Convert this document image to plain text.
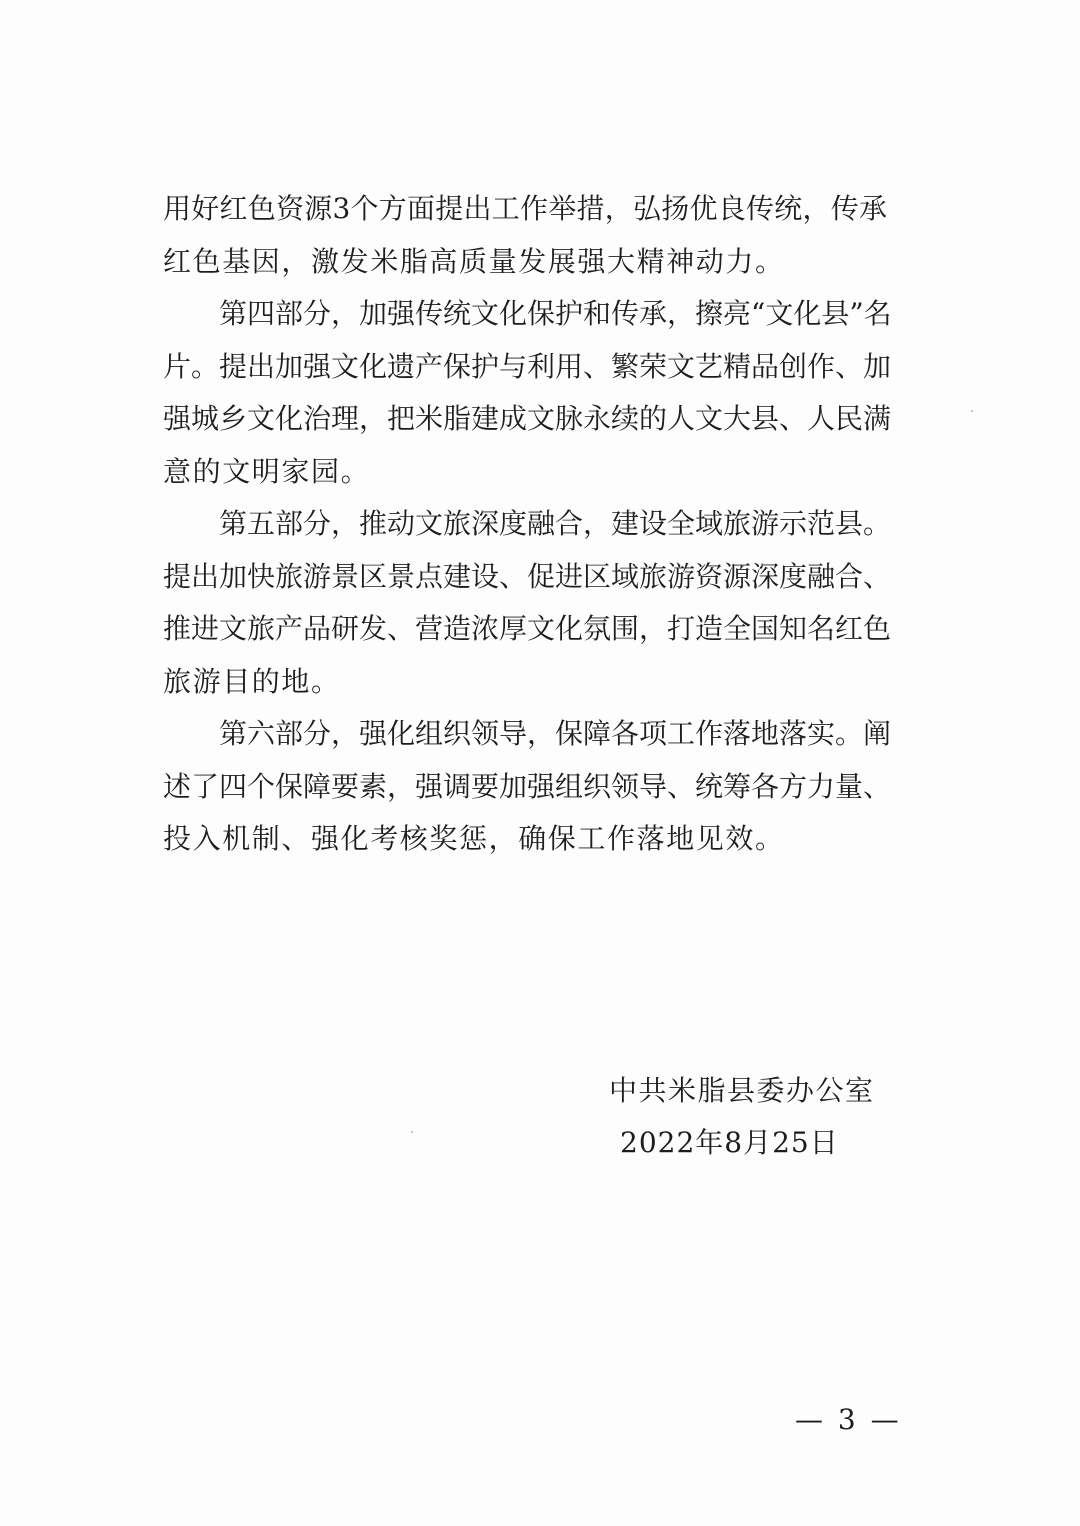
用好红色资源3个方面提出工作举措，弘扬优良传统，传承
红色基因，激发米脂高质量发展强大精神动力。
第四部分，加强传统文化保护和传承，擦亮“文化县”名
片。提出加强文化遗产保护与利用、繁荣文艺精品创作、加
强城乡文化治理，把米脂建成文脉永续的人文大县、人民满
意的文明家园。
第五部分，推动文旅深度融合，建设全域旅游示范县。
提出加快旅游景区景点建设、促进区域旅游资源深度融合、
推进文旅产品研发、营造浓厚文化氛围，打造全国知名红色
旅游目的地。
第六部分，强化组织领导，保障各项工作落地落实。阐
述了四个保障要素，强调要加强组织领导、统筹各方力量、
投入机制、强化考核奖惩，确保工作落地见效。
中共米脂县委办公室
2022年8月25日
— 3 —
